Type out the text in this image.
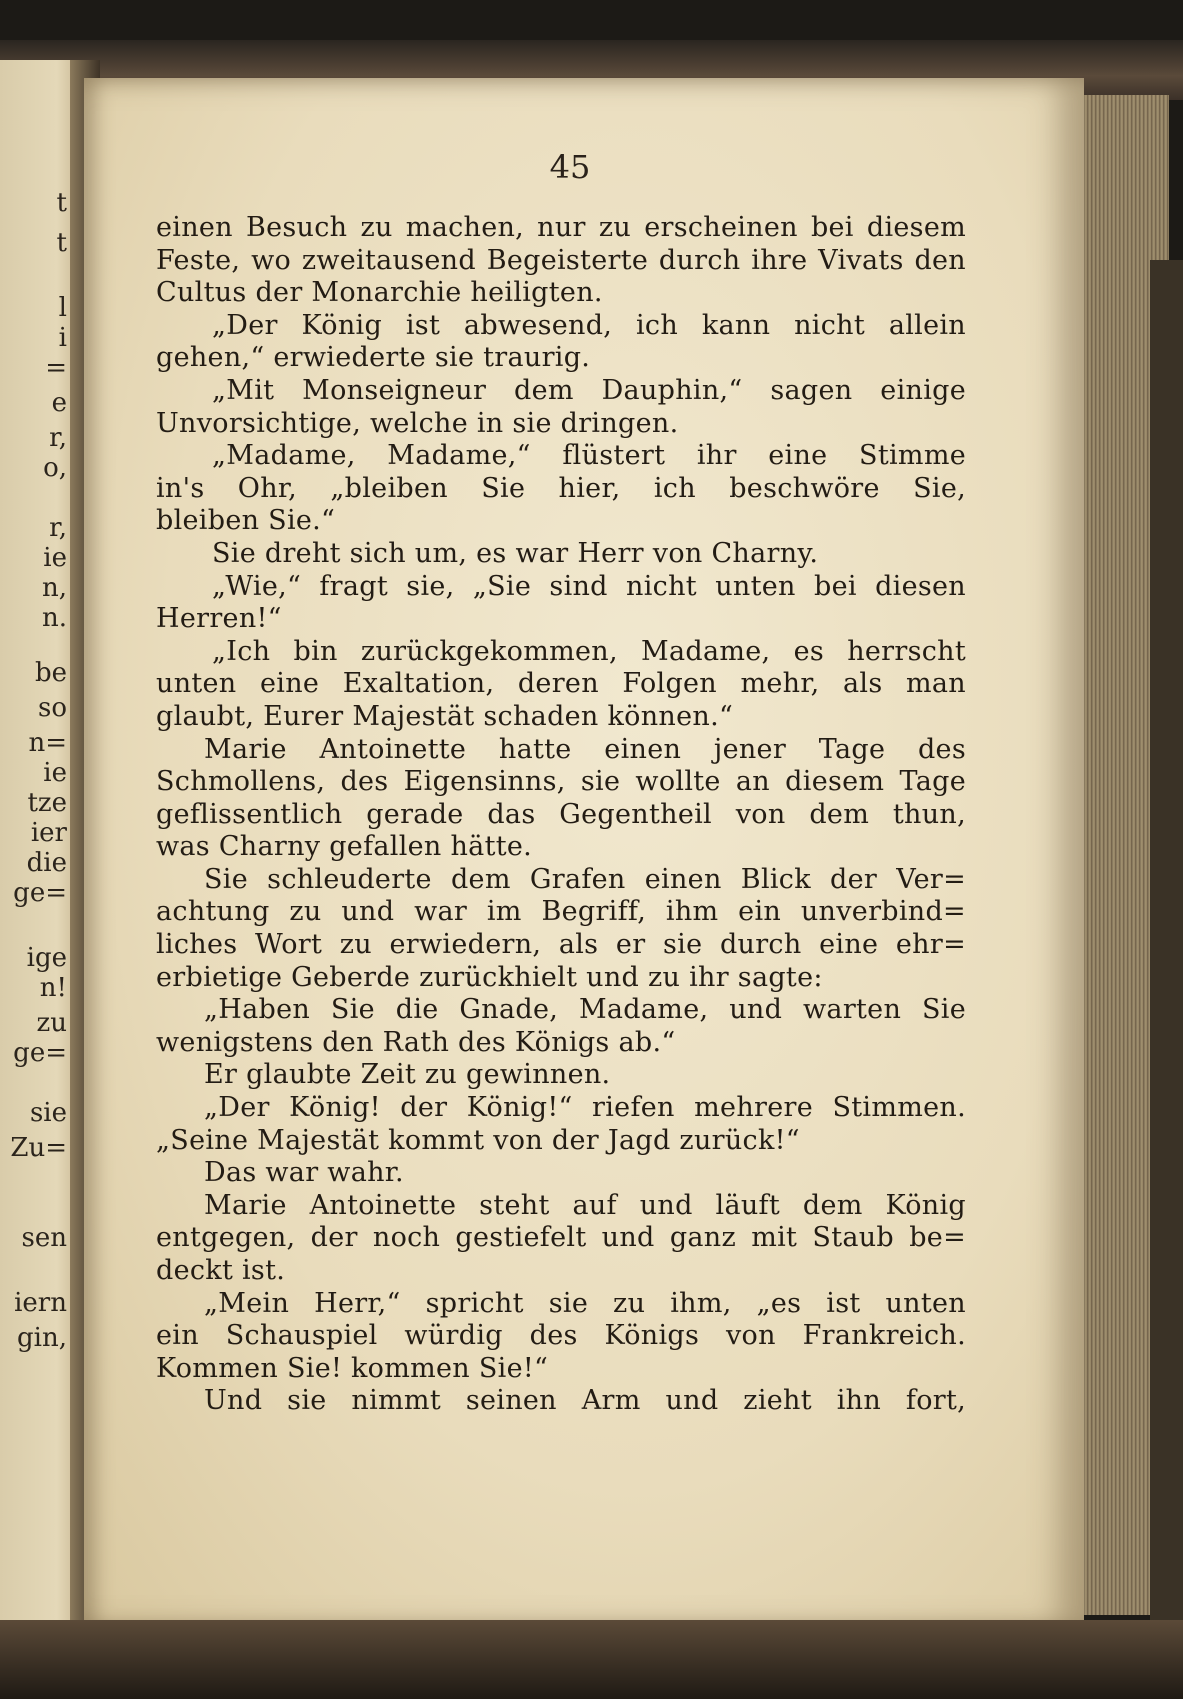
t
t
l
i
=
e
r,
o,
r,
ie
n,
n.
be
so
n=
ie
tze
ier
die
ge=
ige
n!
zu
ge=
sie
Zu=
sen
iern
gin,
45
einen Besuch zu machen, nur zu erscheinen bei diesem
Feste, wo zweitausend Begeisterte durch ihre Vivats den
Cultus der Monarchie heiligten.
„Der König ist abwesend, ich kann nicht allein
gehen,“ erwiederte sie traurig.
„Mit Monseigneur dem Dauphin,“ sagen einige
Unvorsichtige, welche in sie dringen.
„Madame, Madame,“ flüstert ihr eine Stimme
in's Ohr, „bleiben Sie hier, ich beschwöre Sie,
bleiben Sie.“
Sie dreht sich um, es war Herr von Charny.
„Wie,“ fragt sie, „Sie sind nicht unten bei diesen
Herren!“
„Ich bin zurückgekommen, Madame, es herrscht
unten eine Exaltation, deren Folgen mehr, als man
glaubt, Eurer Majestät schaden können.“
Marie Antoinette hatte einen jener Tage des
Schmollens, des Eigensinns, sie wollte an diesem Tage
geflissentlich gerade das Gegentheil von dem thun,
was Charny gefallen hätte.
Sie schleuderte dem Grafen einen Blick der Ver=
achtung zu und war im Begriff, ihm ein unverbind=
liches Wort zu erwiedern, als er sie durch eine ehr=
erbietige Geberde zurückhielt und zu ihr sagte:
„Haben Sie die Gnade, Madame, und warten Sie
wenigstens den Rath des Königs ab.“
Er glaubte Zeit zu gewinnen.
„Der König! der König!“ riefen mehrere Stimmen.
„Seine Majestät kommt von der Jagd zurück!“
Das war wahr.
Marie Antoinette steht auf und läuft dem König
entgegen, der noch gestiefelt und ganz mit Staub be=
deckt ist.
„Mein Herr,“ spricht sie zu ihm, „es ist unten
ein Schauspiel würdig des Königs von Frankreich.
Kommen Sie! kommen Sie!“
Und sie nimmt seinen Arm und zieht ihn fort,
